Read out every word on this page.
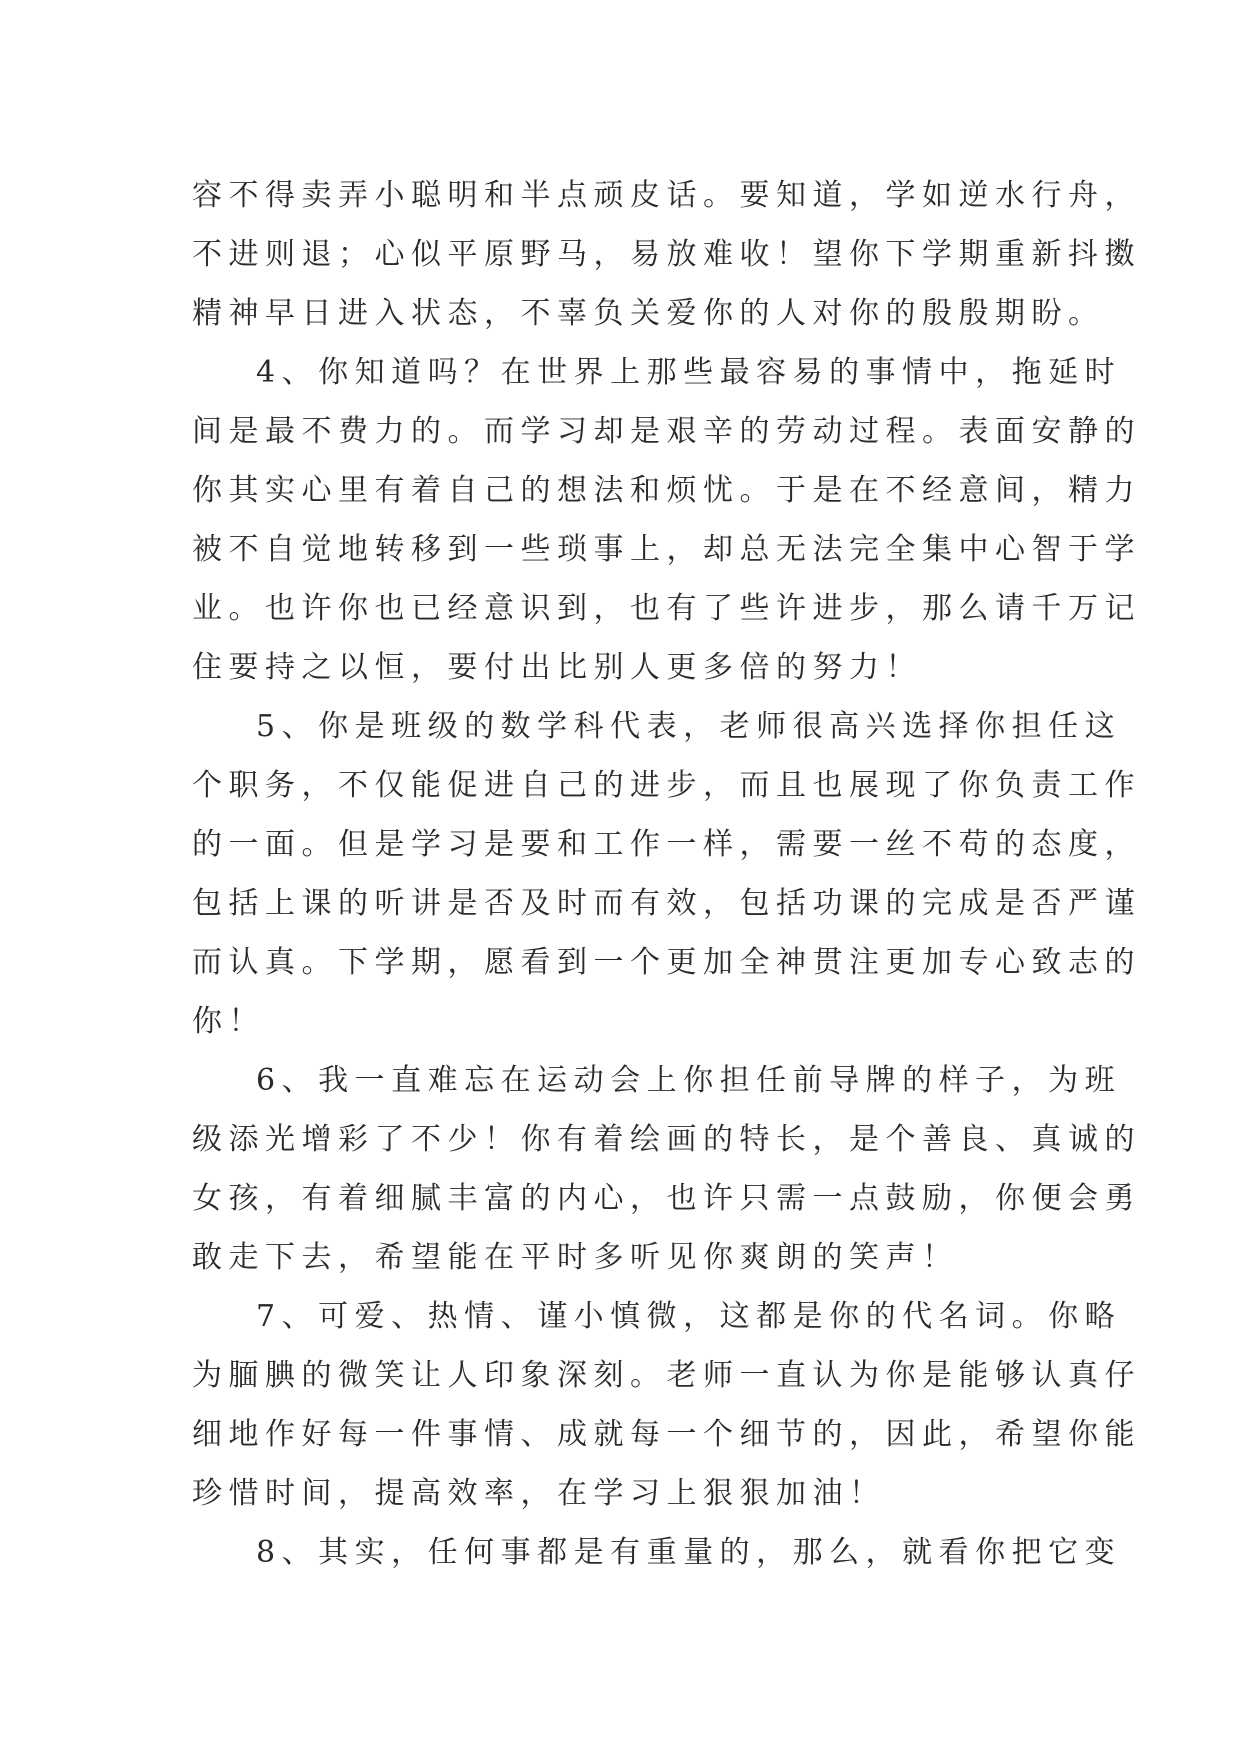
容不得卖弄小聪明和半点顽皮话。要知道，学如逆水行舟，
不进则退；心似平原野马，易放难收！望你下学期重新抖擞
精神早日进入状态，不辜负关爱你的人对你的殷殷期盼。
4、你知道吗？在世界上那些最容易的事情中，拖延时
间是最不费力的。而学习却是艰辛的劳动过程。表面安静的
你其实心里有着自己的想法和烦忧。于是在不经意间，精力
被不自觉地转移到一些琐事上，却总无法完全集中心智于学
业。也许你也已经意识到，也有了些许进步，那么请千万记
住要持之以恒，要付出比别人更多倍的努力！
5、你是班级的数学科代表，老师很高兴选择你担任这
个职务，不仅能促进自己的进步，而且也展现了你负责工作
的一面。但是学习是要和工作一样，需要一丝不苟的态度，
包括上课的听讲是否及时而有效，包括功课的完成是否严谨
而认真。下学期，愿看到一个更加全神贯注更加专心致志的
你！
6、我一直难忘在运动会上你担任前导牌的样子，为班
级添光增彩了不少！你有着绘画的特长，是个善良、真诚的
女孩，有着细腻丰富的内心，也许只需一点鼓励，你便会勇
敢走下去，希望能在平时多听见你爽朗的笑声！
7、可爱、热情、谨小慎微，这都是你的代名词。你略
为腼腆的微笑让人印象深刻。老师一直认为你是能够认真仔
细地作好每一件事情、成就每一个细节的，因此，希望你能
珍惜时间，提高效率，在学习上狠狠加油！
8、其实，任何事都是有重量的，那么，就看你把它变
